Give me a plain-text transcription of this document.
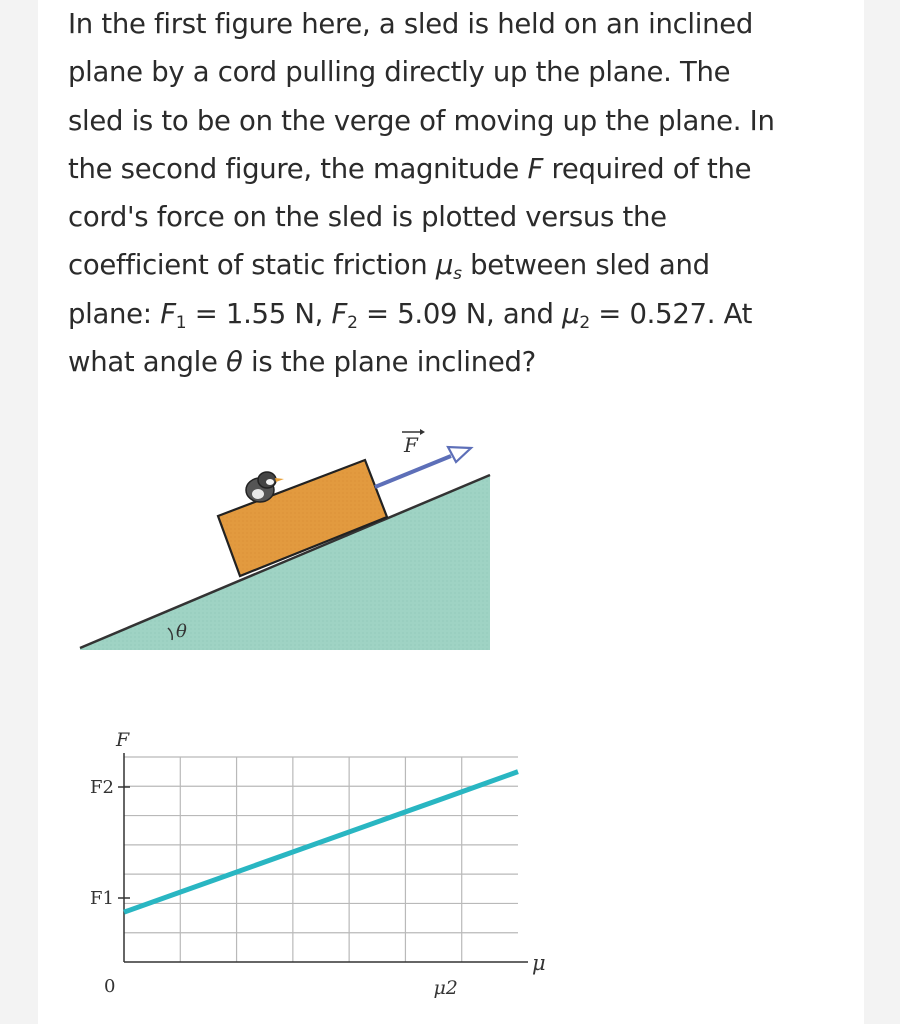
In the first figure here, a sled is held on an inclined
plane by a cord pulling directly up the plane. The
sled is to be on the verge of moving up the plane. In
the second figure, the magnitude F required of the
cord's force on the sled is plotted versus the
coefficient of static friction $\mu_s$ between sled and
plane: $F_1 = 1.55$ N, $F_2 = 5.09$ N, and $\mu_2 = 0.527$. At
what angle θ is the plane inclined?
F
θ
F
μ
F2
F1
0	μ2
